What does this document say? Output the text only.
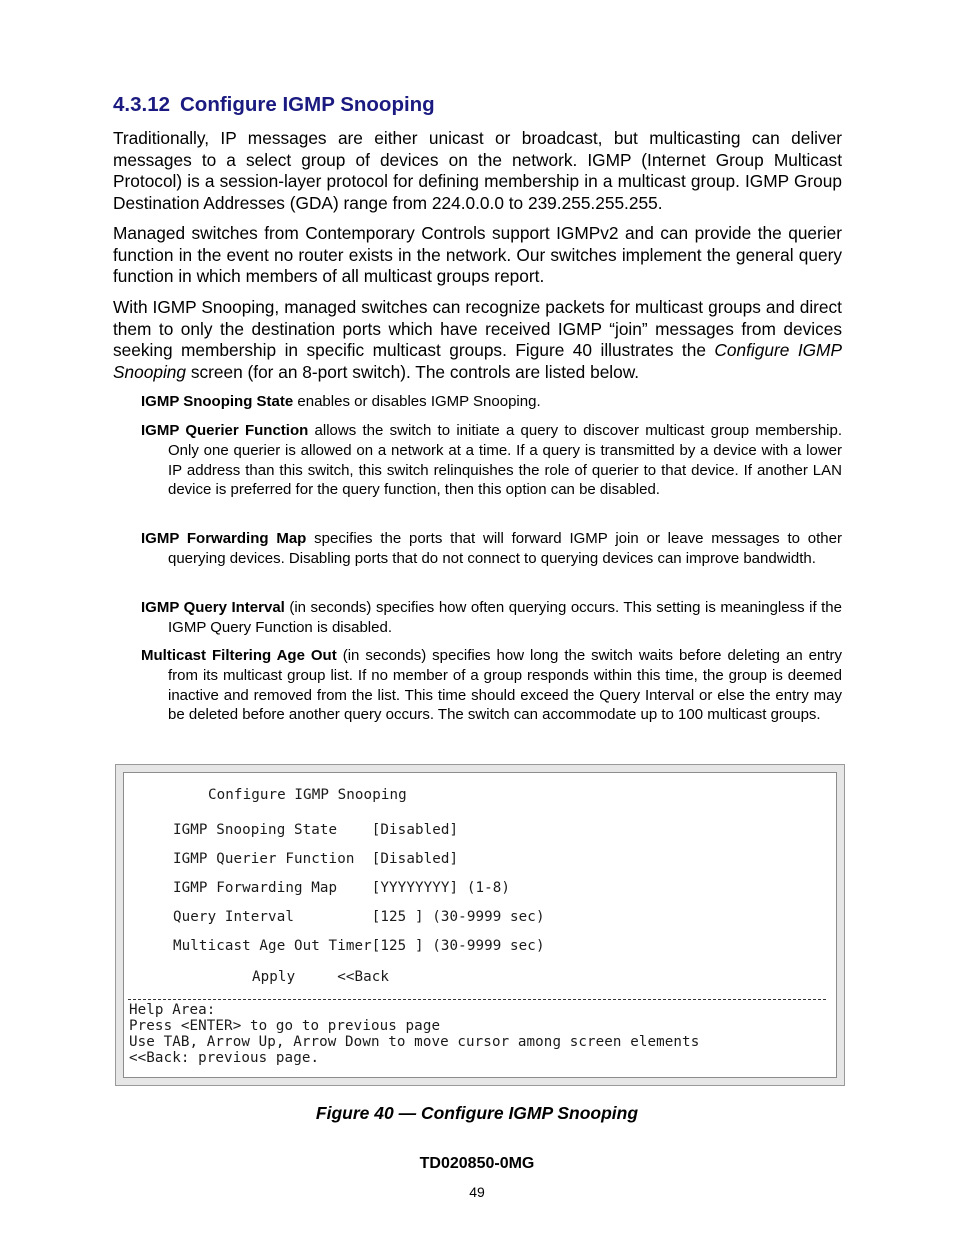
4.3.12 Configure IGMP Snooping
Traditionally, IP messages are either unicast or broadcast, but multicasting can deliver messages to a select group of devices on the network. IGMP (Internet Group Multicast Protocol) is a session-layer protocol for defining membership in a multicast group. IGMP Group Destination Addresses (GDA) range from 224.0.0.0 to 239.255.255.255.
Managed switches from Contemporary Controls support IGMPv2 and can provide the querier function in the event no router exists in the network. Our switches implement the general query function in which members of all multicast groups report.
With IGMP Snooping, managed switches can recognize packets for multicast groups and direct them to only the destination ports which have received IGMP “join” messages from devices seeking membership in specific multicast groups. Figure 40 illustrates the Configure IGMP Snooping screen (for an 8-port switch). The controls are listed below.
IGMP Snooping State enables or disables IGMP Snooping.
IGMP Querier Function allows the switch to initiate a query to discover multicast group membership. Only one querier is allowed on a network at a time. If a query is transmitted by a device with a lower IP address than this switch, this switch relinquishes the role of querier to that device. If another LAN device is preferred for the query function, then this option can be disabled.
IGMP Forwarding Map specifies the ports that will forward IGMP join or leave messages to other querying devices. Disabling ports that do not connect to querying devices can improve bandwidth.
IGMP Query Interval (in seconds) specifies how often querying occurs. This setting is meaningless if the IGMP Query Function is disabled.
Multicast Filtering Age Out (in seconds) specifies how long the switch waits before deleting an entry from its multicast group list. If no member of a group responds within this time, the group is deemed inactive and removed from the list. This time should exceed the Query Interval or else the entry may be deleted before another query occurs. The switch can accommodate up to 100 multicast groups.
Configure IGMP Snooping
IGMP Snooping State    [Disabled]
IGMP Querier Function  [Disabled]
IGMP Forwarding Map    [YYYYYYYY] (1-8)
Query Interval         [125 ] (30-9999 sec)
Multicast Age Out Timer[125 ] (30-9999 sec)
Apply	<<Back
Help Area:
Press <ENTER> to go to previous page
Use TAB, Arrow Up, Arrow Down to move cursor among screen elements
<<Back: previous page.
Figure 40 — Configure IGMP Snooping
TD020850-0MG
49
